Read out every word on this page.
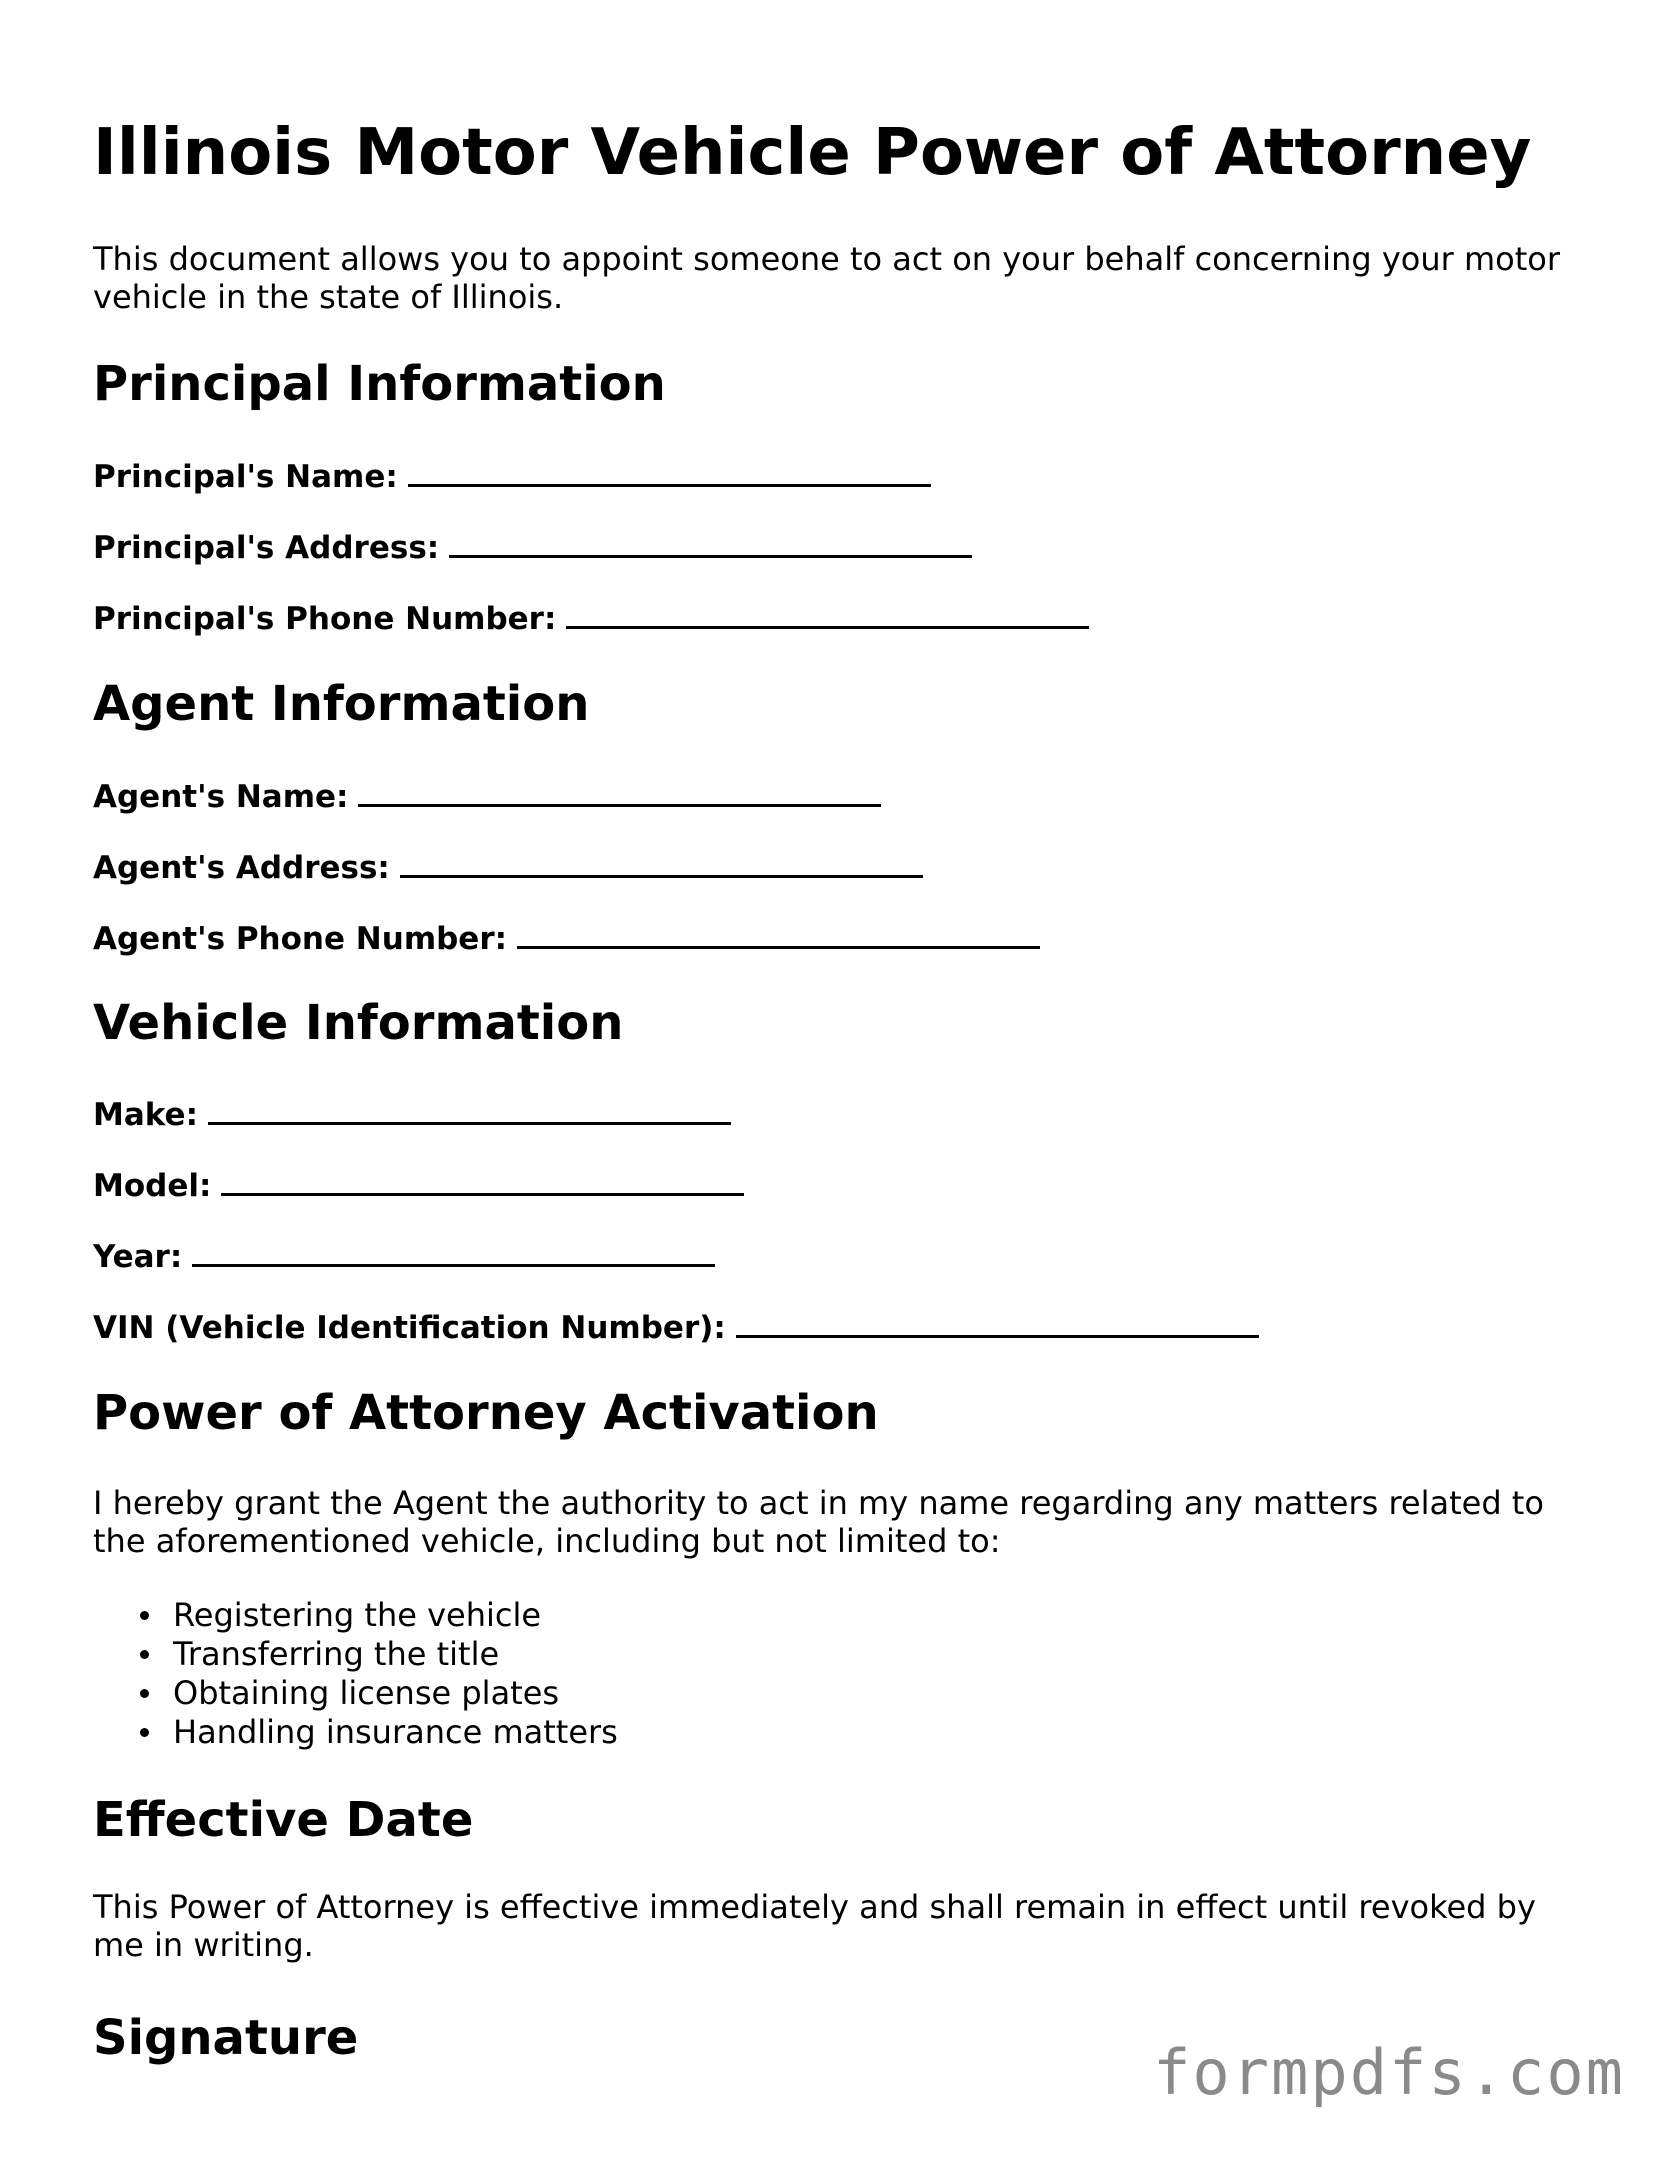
Illinois Motor Vehicle Power of Attorney

This document allows you to appoint someone to act on your behalf concerning your motor vehicle in the state of Illinois.

Principal Information
Principal's Name:
Principal's Address:
Principal's Phone Number:
Agent Information
Agent's Name:
Agent's Address:
Agent's Phone Number:
Vehicle Information
Make:
Model:
Year:
VIN (Vehicle Identification Number):
Power of Attorney Activation

I hereby grant the Agent the authority to act in my name regarding any matters related to the aforementioned vehicle, including but not limited to:

Registering the vehicle
Transferring the title
Obtaining license plates
Handling insurance matters
Effective Date

This Power of Attorney is effective immediately and shall remain in effect until revoked by me in writing.

Signature	formpdfs.com
